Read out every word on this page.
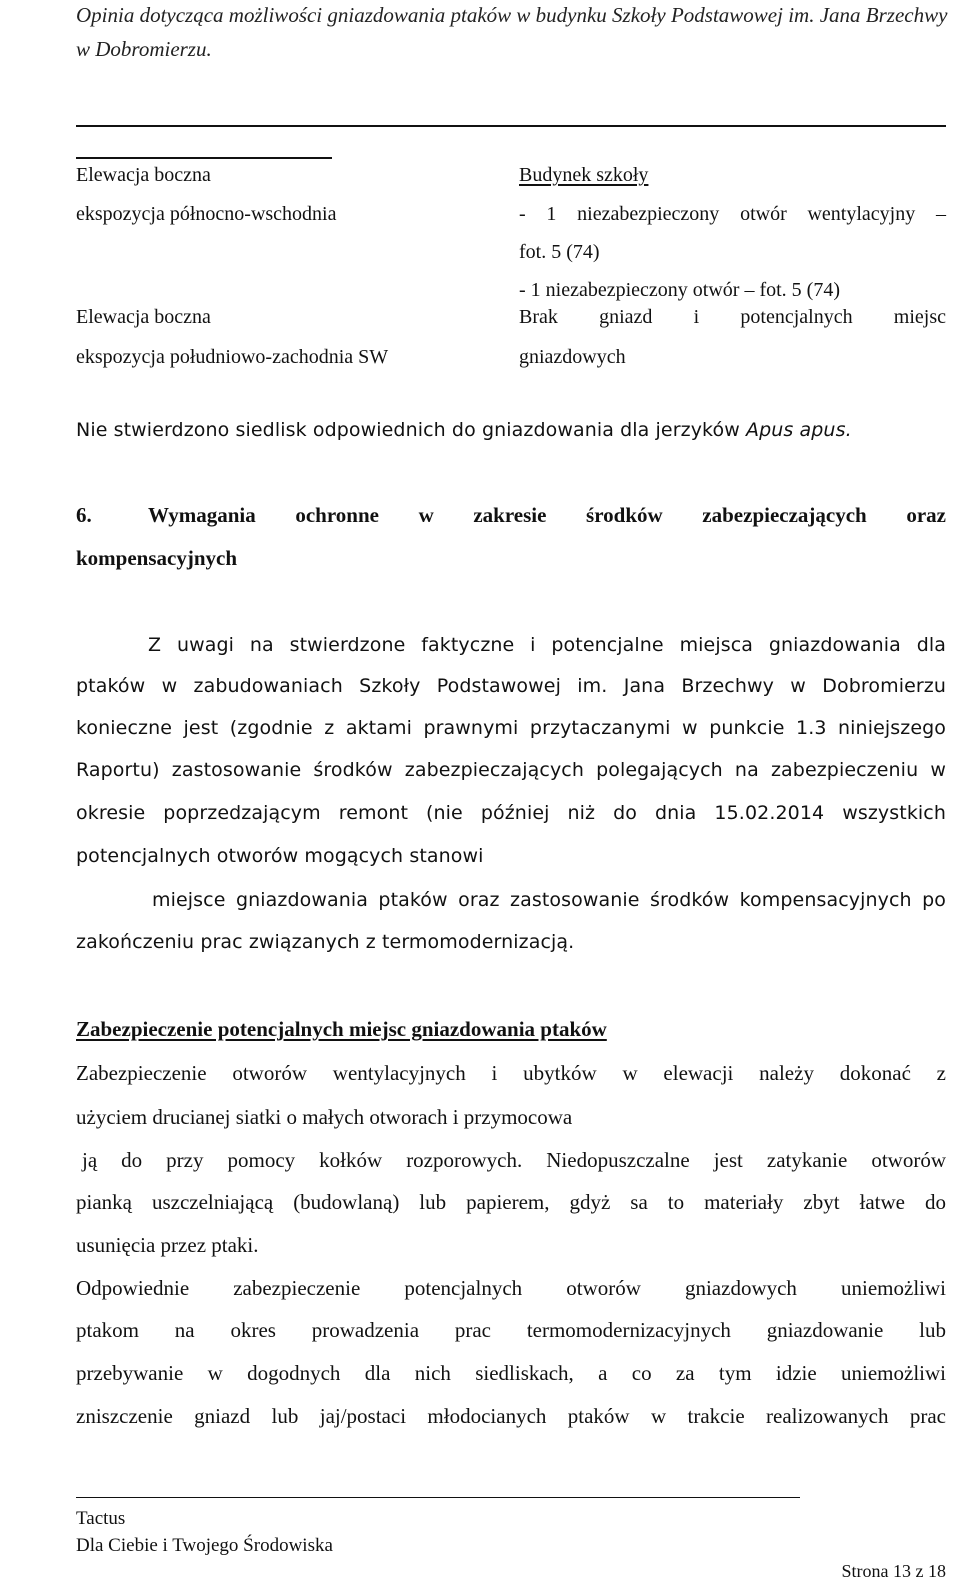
Opinia dotycząca możliwości gniazdowania ptaków w budynku Szkoły Podstawowej im. Jana Brzechwy
w Dobromierzu.
Elewacja boczna
ekspozycja północno-wschodnia
Budynek szkoły
- 1 niezabezpieczony otwór wentylacyjny –
fot. 5 (74)
- 1 niezabezpieczony otwór – fot. 5 (74)
Elewacja boczna
ekspozycja południowo-zachodnia SW
Brak gniazd i potencjalnych miejsc
gniazdowych
Nie stwierdzono siedlisk odpowiednich do gniazdowania dla jerzyków Apus apus.
6.	Wymagania ochronne w zakresie środków zabezpieczających oraz
kompensacyjnych
Z uwagi na stwierdzone faktyczne i potencjalne miejsca gniazdowania dla
ptaków w zabudowaniach Szkoły Podstawowej im. Jana Brzechwy w Dobromierzu
konieczne jest (zgodnie z aktami prawnymi przytaczanymi w punkcie 1.3 niniejszego
Raportu) zastosowanie środków zabezpieczających polegających na zabezpieczeniu w
okresie poprzedzającym remont (nie później niż do dnia 15.02.2014 wszystkich
potencjalnych otworów mogących stanowi
miejsce gniazdowania ptaków oraz zastosowanie środków kompensacyjnych po
zakończeniu prac związanych z termomodernizacją.
Zabezpieczenie potencjalnych miejsc gniazdowania ptaków
Zabezpieczenie otworów wentylacyjnych i ubytków w elewacji należy dokonać z
użyciem drucianej siatki o małych otworach i przymocowa
ją do przy pomocy kołków rozporowych. Niedopuszczalne jest zatykanie otworów
pianką uszczelniającą (budowlaną) lub papierem, gdyż sa to materiały zbyt łatwe do
usunięcia przez ptaki.
Odpowiednie zabezpieczenie potencjalnych otworów gniazdowych uniemożliwi
ptakom na okres prowadzenia prac termomodernizacyjnych gniazdowanie lub
przebywanie w dogodnych dla nich siedliskach, a co za tym idzie uniemożliwi
zniszczenie gniazd lub jaj/postaci młodocianych ptaków w trakcie realizowanych prac
Tactus
Dla Ciebie i Twojego Środowiska
Strona 13 z 18
